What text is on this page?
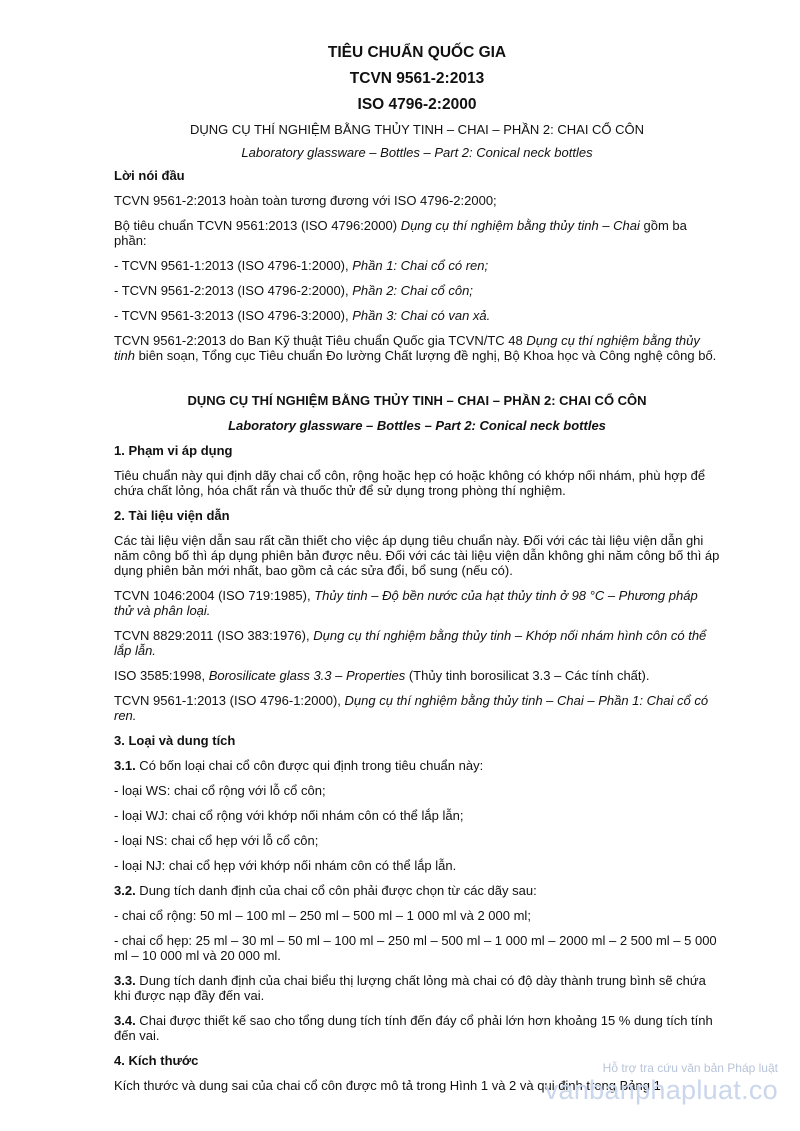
TIÊU CHUẨN QUỐC GIA
TCVN 9561-2:2013
ISO 4796-2:2000
DỤNG CỤ THÍ NGHIỆM BẰNG THỦY TINH – CHAI – PHẦN 2: CHAI CỔ CÔN
Laboratory glassware – Bottles – Part 2: Conical neck bottles
Lời nói đầu

TCVN 9561-2:2013 hoàn toàn tương đương với ISO 4796-2:2000;

Bộ tiêu chuẩn TCVN 9561:2013 (ISO 4796:2000) Dụng cụ thí nghiệm bằng thủy tinh – Chai gồm ba phần:

- TCVN 9561-1:2013 (ISO 4796-1:2000), Phần 1: Chai cổ có ren;

- TCVN 9561-2:2013 (ISO 4796-2:2000), Phần 2: Chai cổ côn;

- TCVN 9561-3:2013 (ISO 4796-3:2000), Phần 3: Chai có van xả.

TCVN 9561-2:2013 do Ban Kỹ thuật Tiêu chuẩn Quốc gia TCVN/TC 48 Dụng cụ thí nghiệm bằng thủy tinh biên soạn, Tổng cục Tiêu chuẩn Đo lường Chất lượng đề nghị, Bộ Khoa học và Công nghệ công bố.

DỤNG CỤ THÍ NGHIỆM BẰNG THỦY TINH – CHAI – PHẦN 2: CHAI CỔ CÔN
Laboratory glassware – Bottles – Part 2: Conical neck bottles
1. Phạm vi áp dụng

Tiêu chuẩn này qui định dãy chai cổ côn, rộng hoặc hẹp có hoặc không có khớp nối nhám, phù hợp để chứa chất lỏng, hóa chất rắn và thuốc thử để sử dụng trong phòng thí nghiệm.

2. Tài liệu viện dẫn

Các tài liệu viện dẫn sau rất cần thiết cho việc áp dụng tiêu chuẩn này. Đối với các tài liệu viện dẫn ghi năm công bố thì áp dụng phiên bản được nêu. Đối với các tài liệu viện dẫn không ghi năm công bố thì áp dụng phiên bản mới nhất, bao gồm cả các sửa đổi, bổ sung (nếu có).

TCVN 1046:2004 (ISO 719:1985), Thủy tinh – Độ bền nước của hạt thủy tinh ở 98 °C – Phương pháp thử và phân loại.

TCVN 8829:2011 (ISO 383:1976), Dụng cụ thí nghiệm bằng thủy tinh – Khớp nối nhám hình côn có thể lắp lẫn.

ISO 3585:1998, Borosilicate glass 3.3 – Properties (Thủy tinh borosilicat 3.3 – Các tính chất).

TCVN 9561-1:2013 (ISO 4796-1:2000), Dụng cụ thí nghiệm bằng thủy tinh – Chai – Phần 1: Chai cổ có ren.

3. Loại và dung tích

3.1. Có bốn loại chai cổ côn được qui định trong tiêu chuẩn này:

- loại WS: chai cổ rộng với lỗ cổ côn;

- loại WJ: chai cổ rộng với khớp nối nhám côn có thể lắp lẫn;

- loại NS: chai cổ hẹp với lỗ cổ côn;

- loại NJ: chai cổ hẹp với khớp nối nhám côn có thể lắp lẫn.

3.2. Dung tích danh định của chai cổ côn phải được chọn từ các dãy sau:

- chai cổ rộng: 50 ml – 100 ml – 250 ml – 500 ml – 1 000 ml và 2 000 ml;

- chai cổ hẹp: 25 ml – 30 ml – 50 ml – 100 ml – 250 ml – 500 ml – 1 000 ml – 2000 ml – 2 500 ml – 5 000 ml – 10 000 ml và 20 000 ml.

3.3. Dung tích danh định của chai biểu thị lượng chất lỏng mà chai có độ dày thành trung bình sẽ chứa khi được nạp đầy đến vai.

3.4. Chai được thiết kế sao cho tổng dung tích tính đến đáy cổ phải lớn hơn khoảng 15 % dung tích tính đến vai.

4. Kích thước

Kích thước và dung sai của chai cổ côn được mô tả trong Hình 1 và 2 và qui định trong Bảng 1.

Hỗ trợ tra cứu văn bản Pháp luật
vanbanphapluat.co
